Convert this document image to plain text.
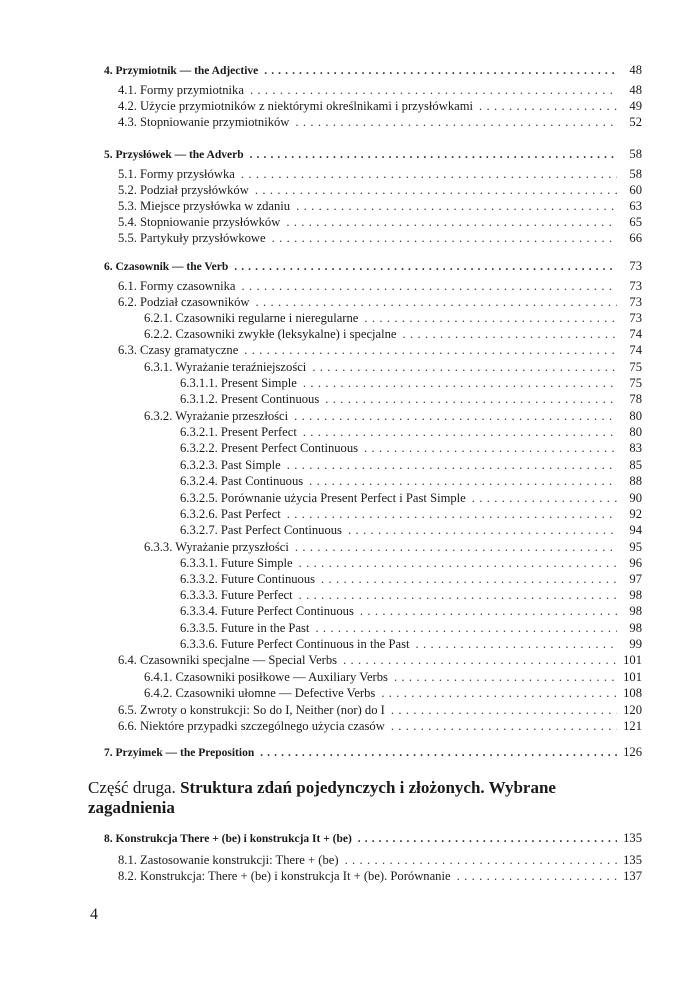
4. Przymiotnik — the Adjective . . .	48
4.1. Formy przymiotnika . . .	48
4.2. Użycie przymiotników z niektórymi określnikami i przysłówkami . . .	49
4.3. Stopniowanie przymiotników . . .	52
5. Przysłówek — the Adverb . . .	58
5.1. Formy przysłówka . . .	58
5.2. Podział przysłówków . . .	60
5.3. Miejsce przysłówka w zdaniu . . .	63
5.4. Stopniowanie przysłówków . . .	65
5.5. Partykuły przysłówkowe . . .	66
6. Czasownik — the Verb . . .	73
6.1. Formy czasownika . . .	73
6.2. Podział czasowników . . .	73
6.2.1. Czasowniki regularne i nieregularne . . .	73
6.2.2. Czasowniki zwykłe (leksykalne) i specjalne . . .	74
6.3. Czasy gramatyczne . . .	74
6.3.1. Wyrażanie teraźniejszości . . .	75
6.3.1.1. Present Simple . . .	75
6.3.1.2. Present Continuous . . .	78
6.3.2. Wyrażanie przeszłości . . .	80
6.3.2.1. Present Perfect . . .	80
6.3.2.2. Present Perfect Continuous . . .	83
6.3.2.3. Past Simple . . .	85
6.3.2.4. Past Continuous . . .	88
6.3.2.5. Porównanie użycia Present Perfect i Past Simple . . .	90
6.3.2.6. Past Perfect . . .	92
6.3.2.7. Past Perfect Continuous . . .	94
6.3.3. Wyrażanie przyszłości . . .	95
6.3.3.1. Future Simple . . .	96
6.3.3.2. Future Continuous . . .	97
6.3.3.3. Future Perfect . . .	98
6.3.3.4. Future Perfect Continuous . . .	98
6.3.3.5. Future in the Past . . .	98
6.3.3.6. Future Perfect Continuous in the Past . . .	99
6.4. Czasowniki specjalne — Special Verbs . . .	101
6.4.1. Czasowniki posiłkowe — Auxiliary Verbs . . .	101
6.4.2. Czasowniki ułomne — Defective Verbs . . .	108
6.5. Zwroty o konstrukcji: So do I, Neither (nor) do I . . .	120
6.6. Niektóre przypadki szczególnego użycia czasów . . .	121
7. Przyimek — the Preposition . . .	126
Część druga. Struktura zdań pojedynczych i złożonych. Wybrane zagadnienia
8. Konstrukcja There + (be) i konstrukcja It + (be) . . .	135
8.1. Zastosowanie konstrukcji: There + (be) . . .	135
8.2. Konstrukcja: There + (be) i konstrukcja It + (be). Porównanie . . .	137
4
